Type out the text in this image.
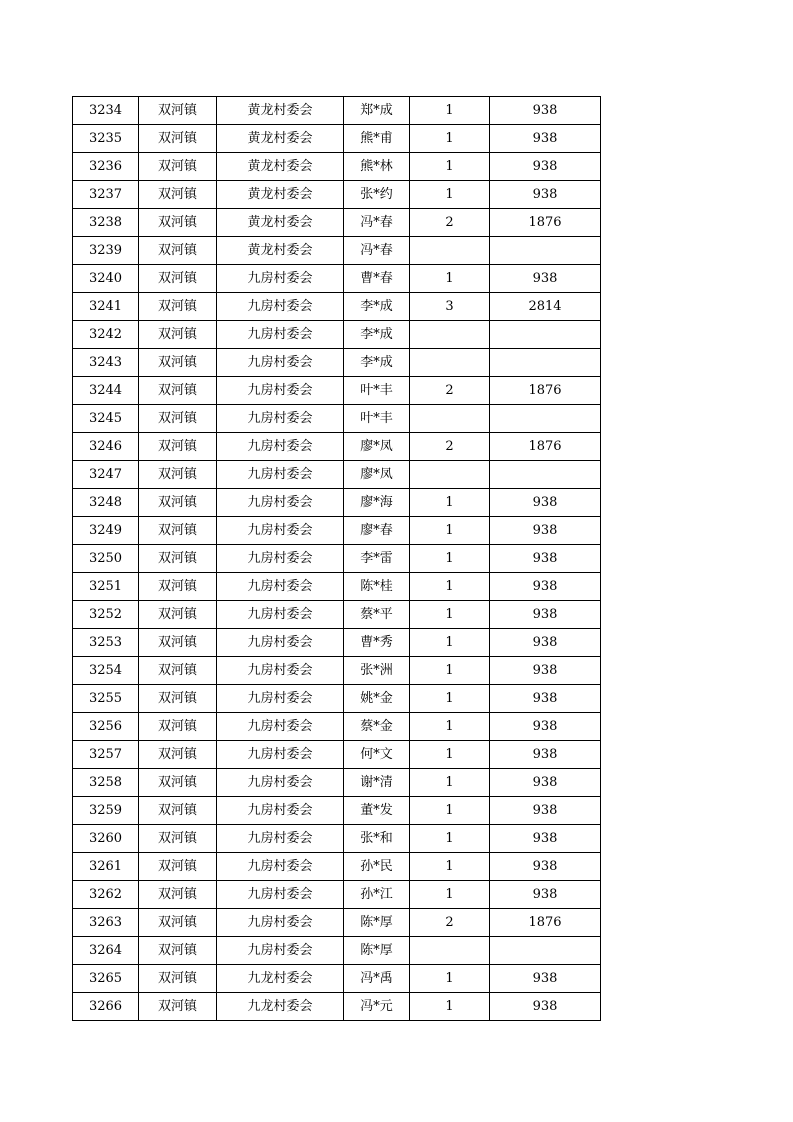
3234	双河镇	黄龙村委会	郑*成	1	938
3235	双河镇	黄龙村委会	熊*甫	1	938
3236	双河镇	黄龙村委会	熊*林	1	938
3237	双河镇	黄龙村委会	张*约	1	938
3238	双河镇	黄龙村委会	冯*春	2	1876
3239	双河镇	黄龙村委会	冯*春		
3240	双河镇	九房村委会	曹*春	1	938
3241	双河镇	九房村委会	李*成	3	2814
3242	双河镇	九房村委会	李*成		
3243	双河镇	九房村委会	李*成		
3244	双河镇	九房村委会	叶*丰	2	1876
3245	双河镇	九房村委会	叶*丰		
3246	双河镇	九房村委会	廖*凤	2	1876
3247	双河镇	九房村委会	廖*凤		
3248	双河镇	九房村委会	廖*海	1	938
3249	双河镇	九房村委会	廖*春	1	938
3250	双河镇	九房村委会	李*雷	1	938
3251	双河镇	九房村委会	陈*桂	1	938
3252	双河镇	九房村委会	蔡*平	1	938
3253	双河镇	九房村委会	曹*秀	1	938
3254	双河镇	九房村委会	张*洲	1	938
3255	双河镇	九房村委会	姚*金	1	938
3256	双河镇	九房村委会	蔡*金	1	938
3257	双河镇	九房村委会	何*文	1	938
3258	双河镇	九房村委会	谢*清	1	938
3259	双河镇	九房村委会	董*发	1	938
3260	双河镇	九房村委会	张*和	1	938
3261	双河镇	九房村委会	孙*民	1	938
3262	双河镇	九房村委会	孙*江	1	938
3263	双河镇	九房村委会	陈*厚	2	1876
3264	双河镇	九房村委会	陈*厚		
3265	双河镇	九龙村委会	冯*禹	1	938
3266	双河镇	九龙村委会	冯*元	1	938
